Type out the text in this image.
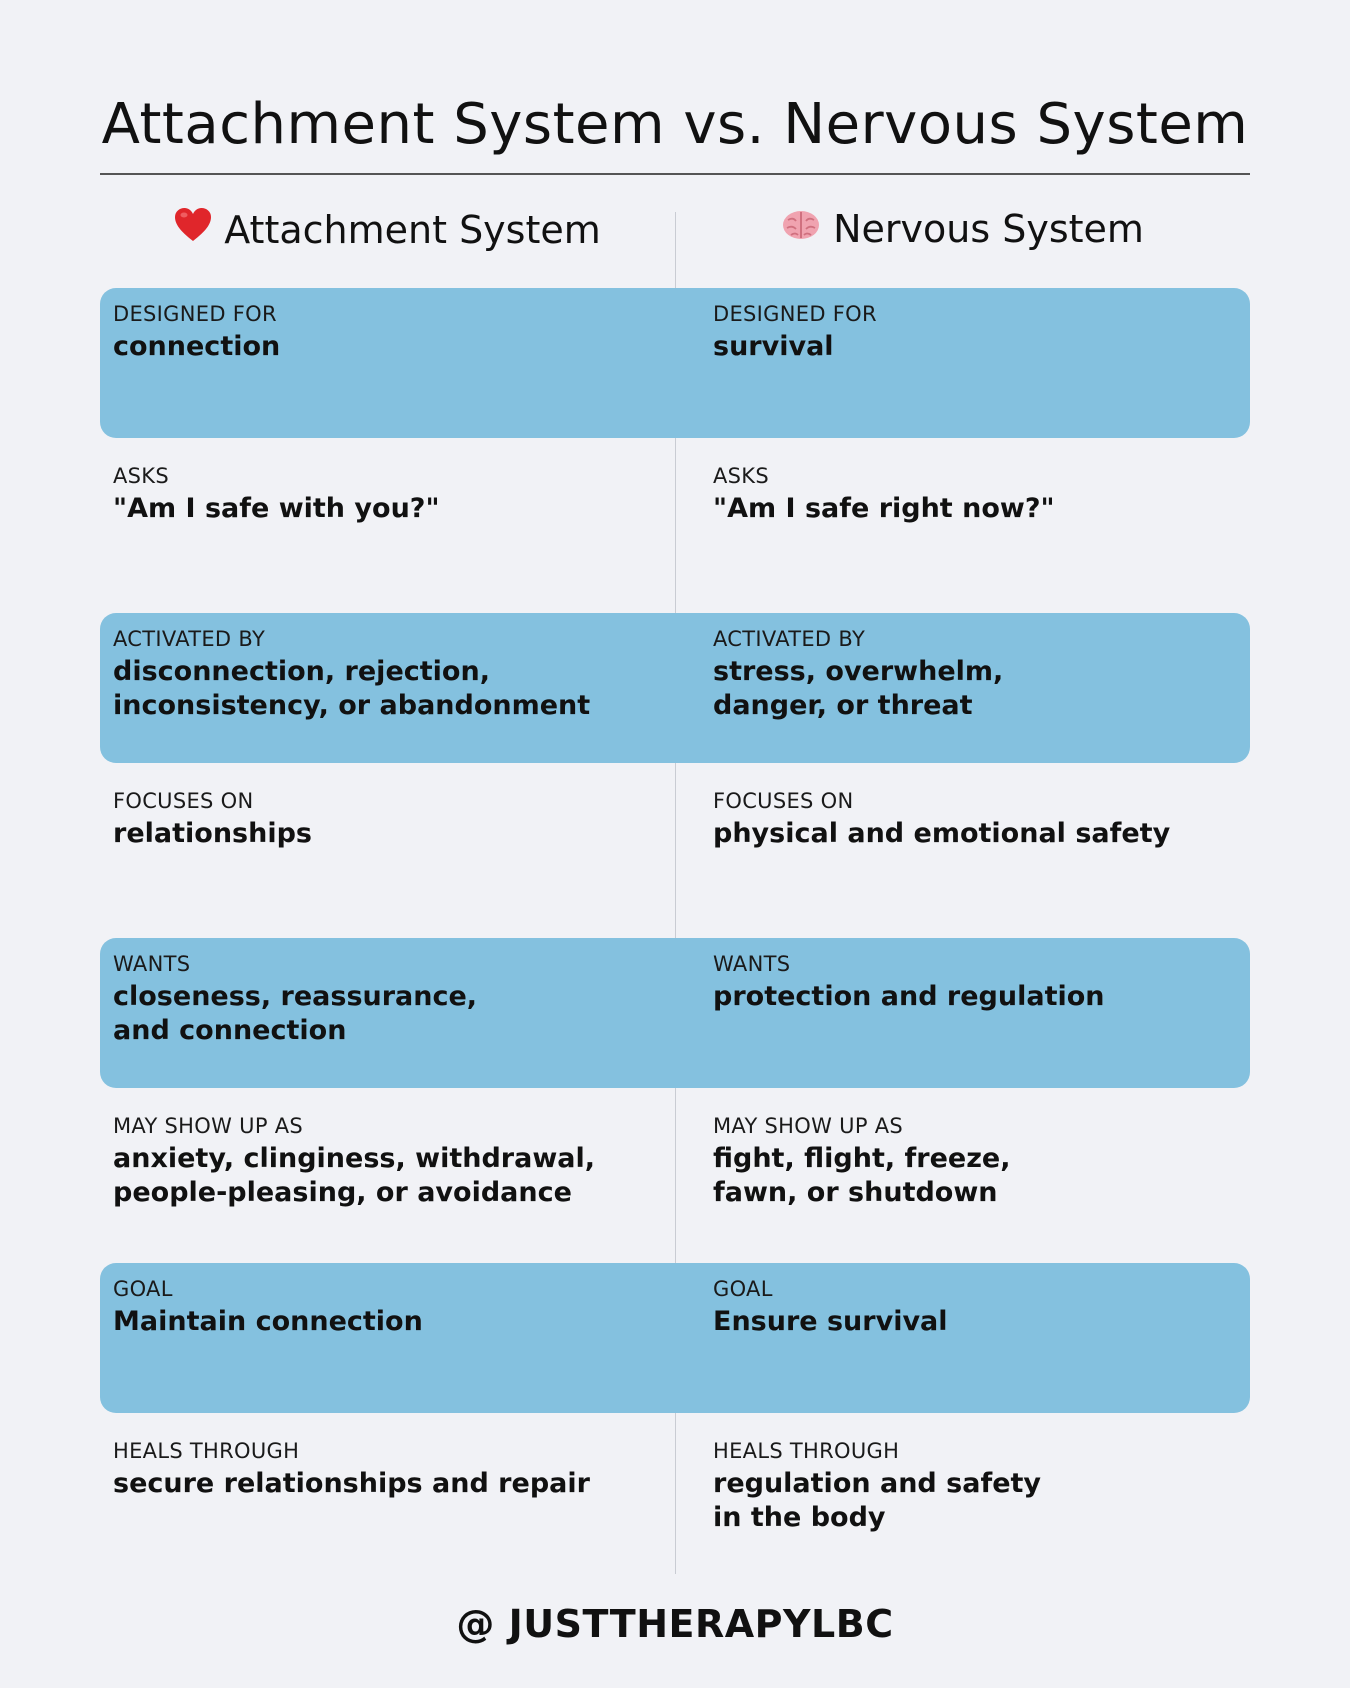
Attachment System vs. Nervous System
Attachment System	Nervous System
DESIGNED FOR
connection
DESIGNED FOR
survival
ASKS
"Am I safe with you?"
ASKS
"Am I safe right now?"
ACTIVATED BY
disconnection, rejection,
inconsistency, or abandonment
ACTIVATED BY
stress, overwhelm,
danger, or threat
FOCUSES ON
relationships
FOCUSES ON
physical and emotional safety
WANTS
closeness, reassurance,
and connection
WANTS
protection and regulation
MAY SHOW UP AS
anxiety, clinginess, withdrawal,
people-pleasing, or avoidance
MAY SHOW UP AS
fight, flight, freeze,
fawn, or shutdown
GOAL
Maintain connection
GOAL
Ensure survival
HEALS THROUGH
secure relationships and repair
HEALS THROUGH
regulation and safety
in the body
@ JUSTTHERAPYLBC
